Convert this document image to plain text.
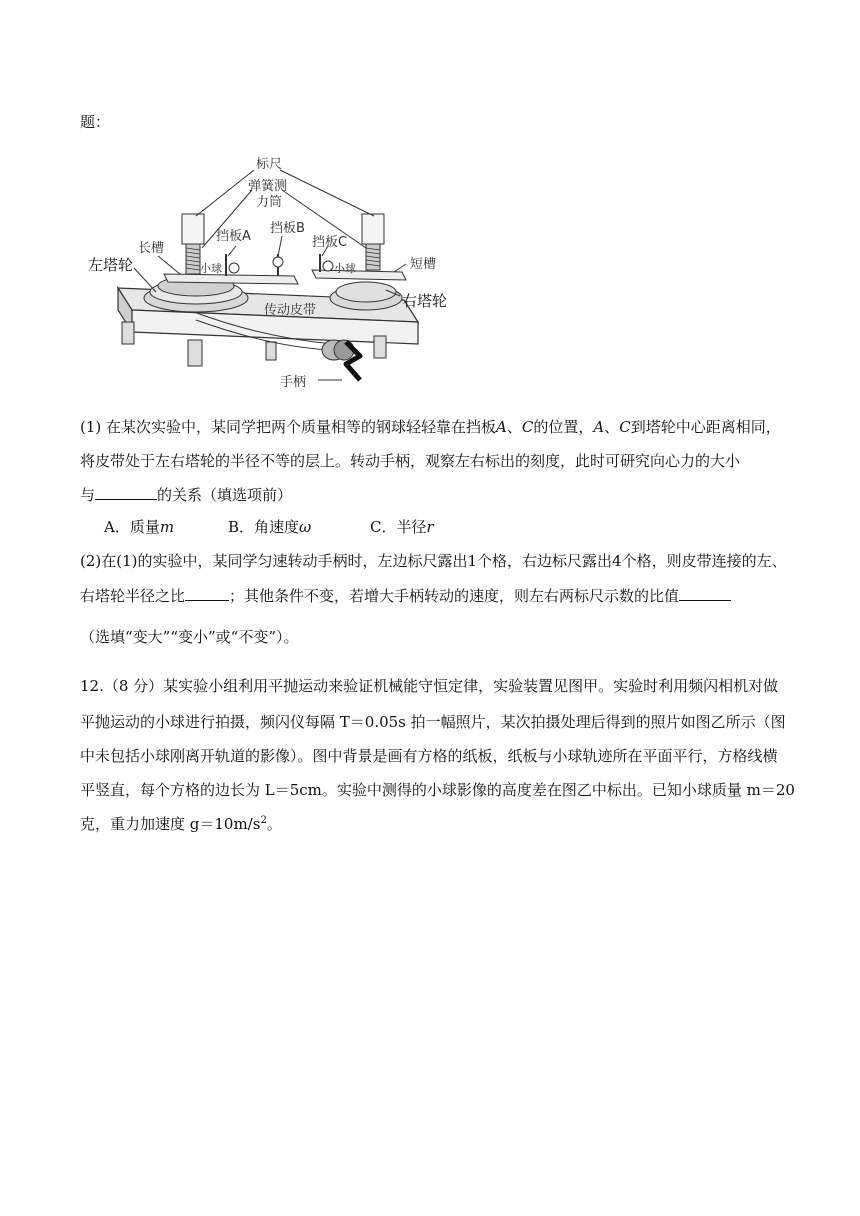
题：
标尺
弹簧测
力筒
挡板A
挡板B
挡板C
长槽
短槽
左塔轮
右塔轮
小球	小球
传动皮带
手柄
(1) 在某次实验中，某同学把两个质量相等的钢球轻轻靠在挡板A、C的位置，A、C到塔轮中心距离相同，
将皮带处于左右塔轮的半径不等的层上。转动手柄，观察左右标出的刻度，此时可研究向心力的大小
与	的关系（填选项前）
A．质量m	B．角速度ω	C．半径r
(2)在(1)的实验中，某同学匀速转动手柄时，左边标尺露出1个格，右边标尺露出4个格，则皮带连接的左、
右塔轮半径之比	；其他条件不变，若增大手柄转动的速度，则左右两标尺示数的比值
（选填“变大”“变小”或“不变”）。
12.（8 分）某实验小组利用平抛运动来验证机械能守恒定律，实验装置见图甲。实验时利用频闪相机对做
平抛运动的小球进行拍摄，频闪仪每隔 T＝0.05s 拍一幅照片，某次拍摄处理后得到的照片如图乙所示（图
中未包括小球刚离开轨道的影像）。图中背景是画有方格的纸板，纸板与小球轨迹所在平面平行，方格线横
平竖直，每个方格的边长为 L＝5cm。实验中测得的小球影像的高度差在图乙中标出。已知小球质量 m＝20
克，重力加速度 $g=10m/s^2$。
